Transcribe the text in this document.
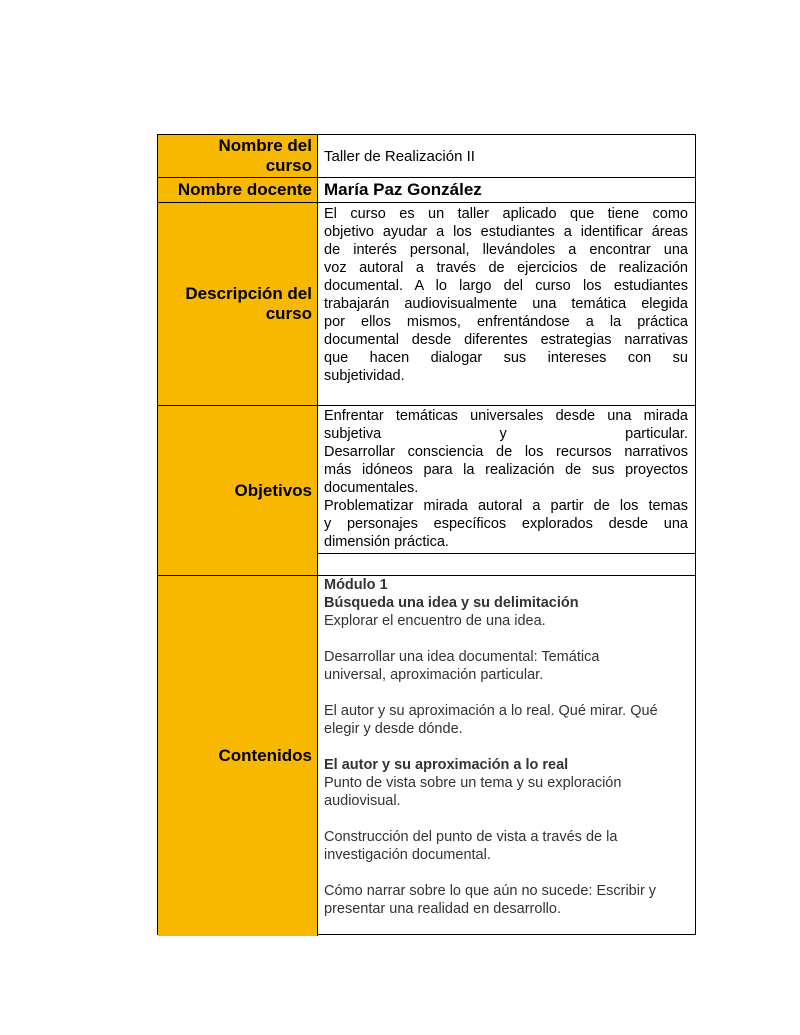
Nombre del
curso Taller de Realización II
Nombre docente María Paz González
Descripción del
curso
El curso es un taller aplicado que tiene como
objetivo ayudar a los estudiantes a identificar áreas
de interés personal, llevándoles a encontrar una
voz autoral a través de ejercicios de realización
documental. A lo largo del curso los estudiantes
trabajarán audiovisualmente una temática elegida
por ellos mismos, enfrentándose a la práctica
documental desde diferentes estrategias narrativas
que hacen dialogar sus intereses con su
subjetividad.
Objetivos
Enfrentar temáticas universales desde una mirada
subjetiva y particular.
Desarrollar consciencia de los recursos narrativos
más idóneos para la realización de sus proyectos
documentales.
Problematizar mirada autoral a partir de los temas
y personajes específicos explorados desde una
dimensión práctica.
Contenidos
Módulo 1
Búsqueda una idea y su delimitación
Explorar el encuentro de una idea.
Desarrollar una idea documental: Temática
universal, aproximación particular.
El autor y su aproximación a lo real. Qué mirar. Qué
elegir y desde dónde.
El autor y su aproximación a lo real
Punto de vista sobre un tema y su exploración
audiovisual.
Construcción del punto de vista a través de la
investigación documental.
Cómo narrar sobre lo que aún no sucede: Escribir y
presentar una realidad en desarrollo.
